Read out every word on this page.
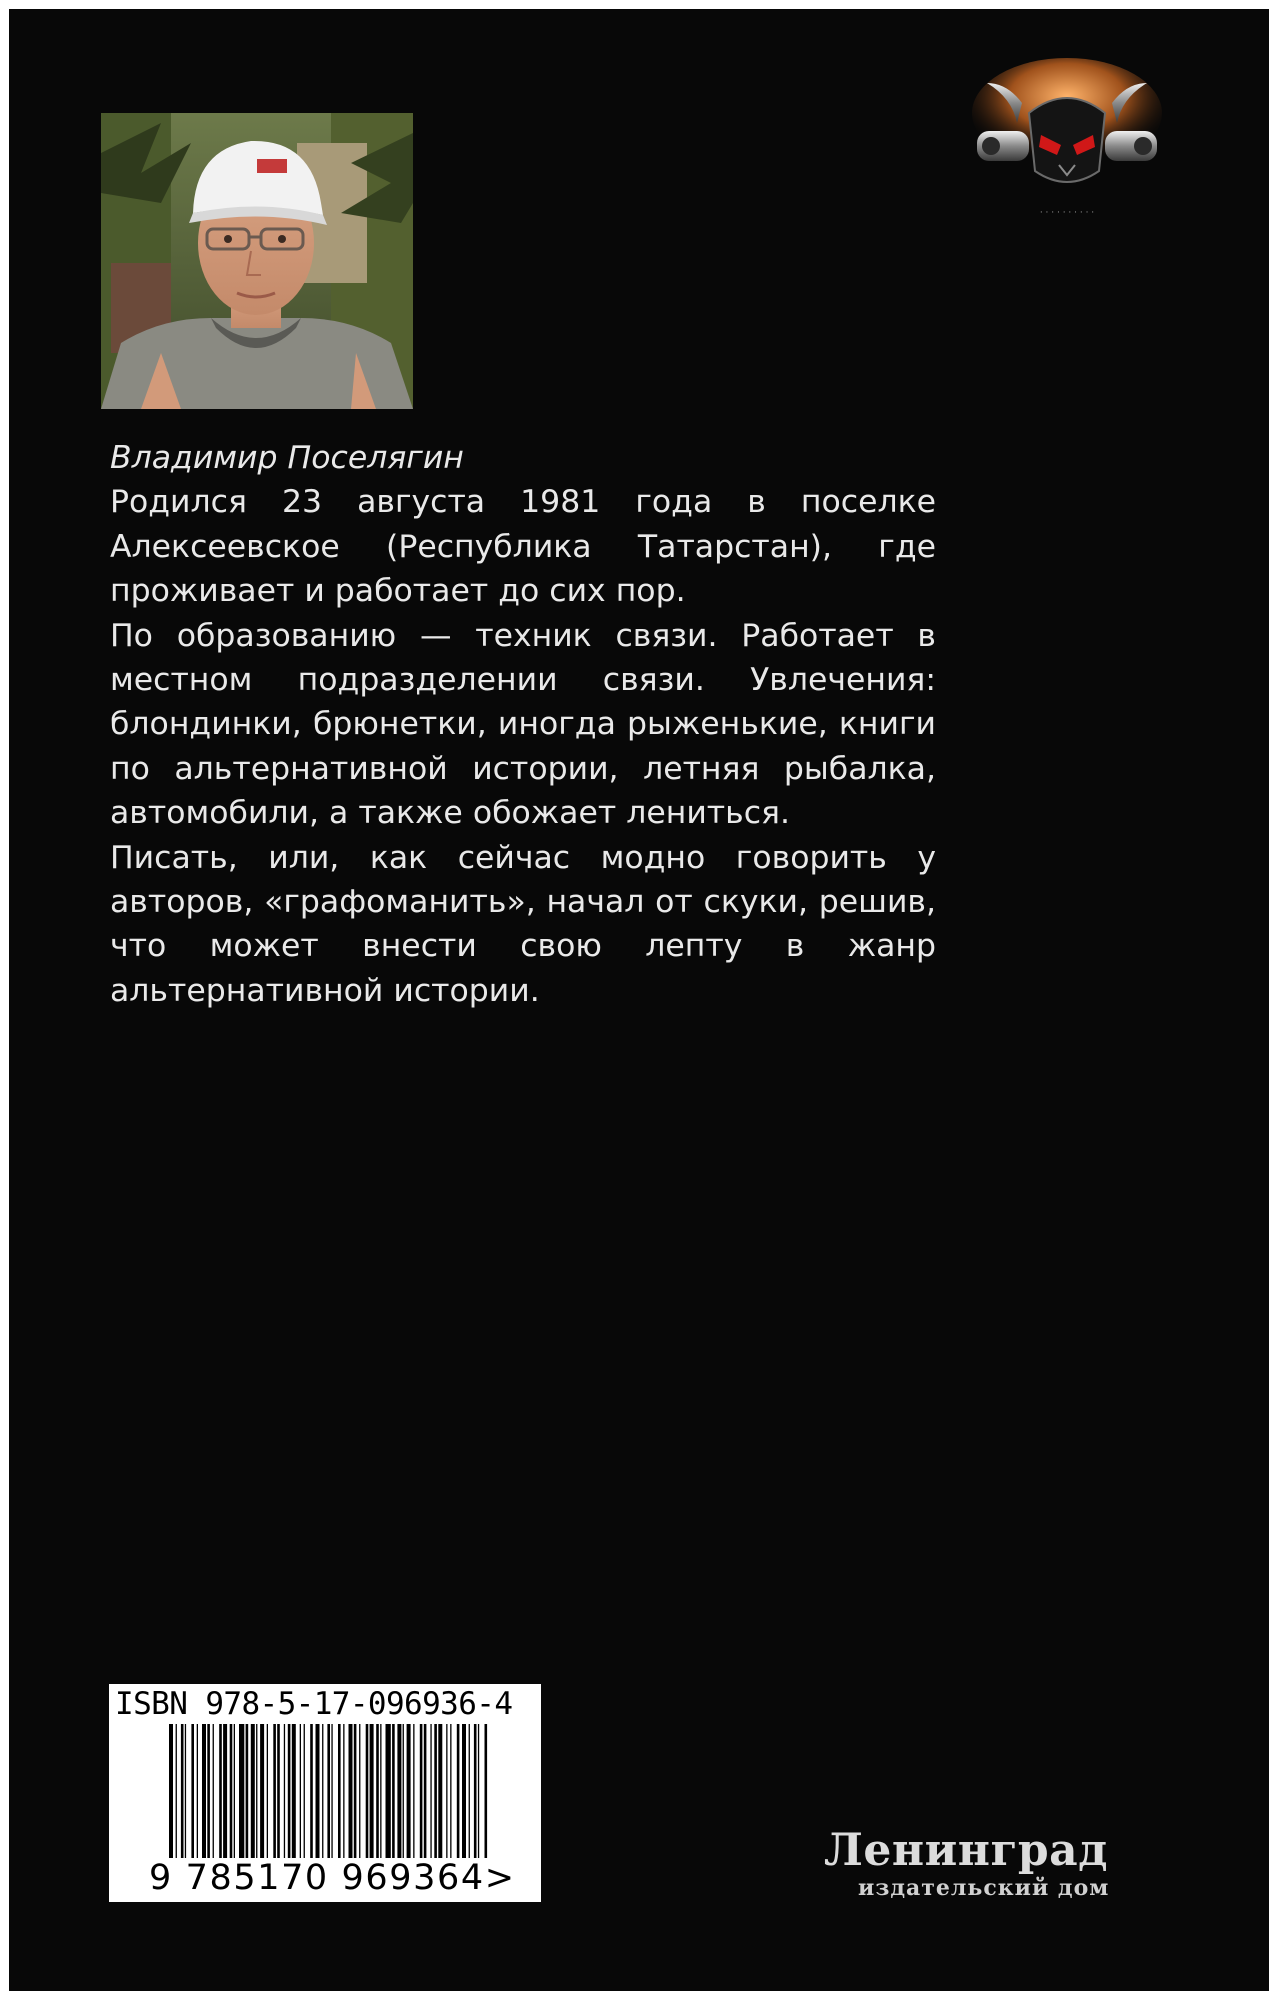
· · · · · · · · · ·

Владимир Поселягин

Родился 23 августа 1981 года в поселке Алексеевское (Республика Татарстан), где проживает и работает до сих пор.

По образованию — техник связи. Работает в местном подразделении связи. Увлечения: блондинки, брюнетки, иногда рыженькие, книги по альтернативной истории, летняя рыбалка, автомобили, а также обожает лениться.

Писать, или, как сейчас модно говорить у авторов, «графоманить», начал от скуки, решив, что может внести свою лепту в жанр альтернативной истории.

ISBN 978-5-17-096936-4
9 785170 969364>
Ленинград
издательский дом
